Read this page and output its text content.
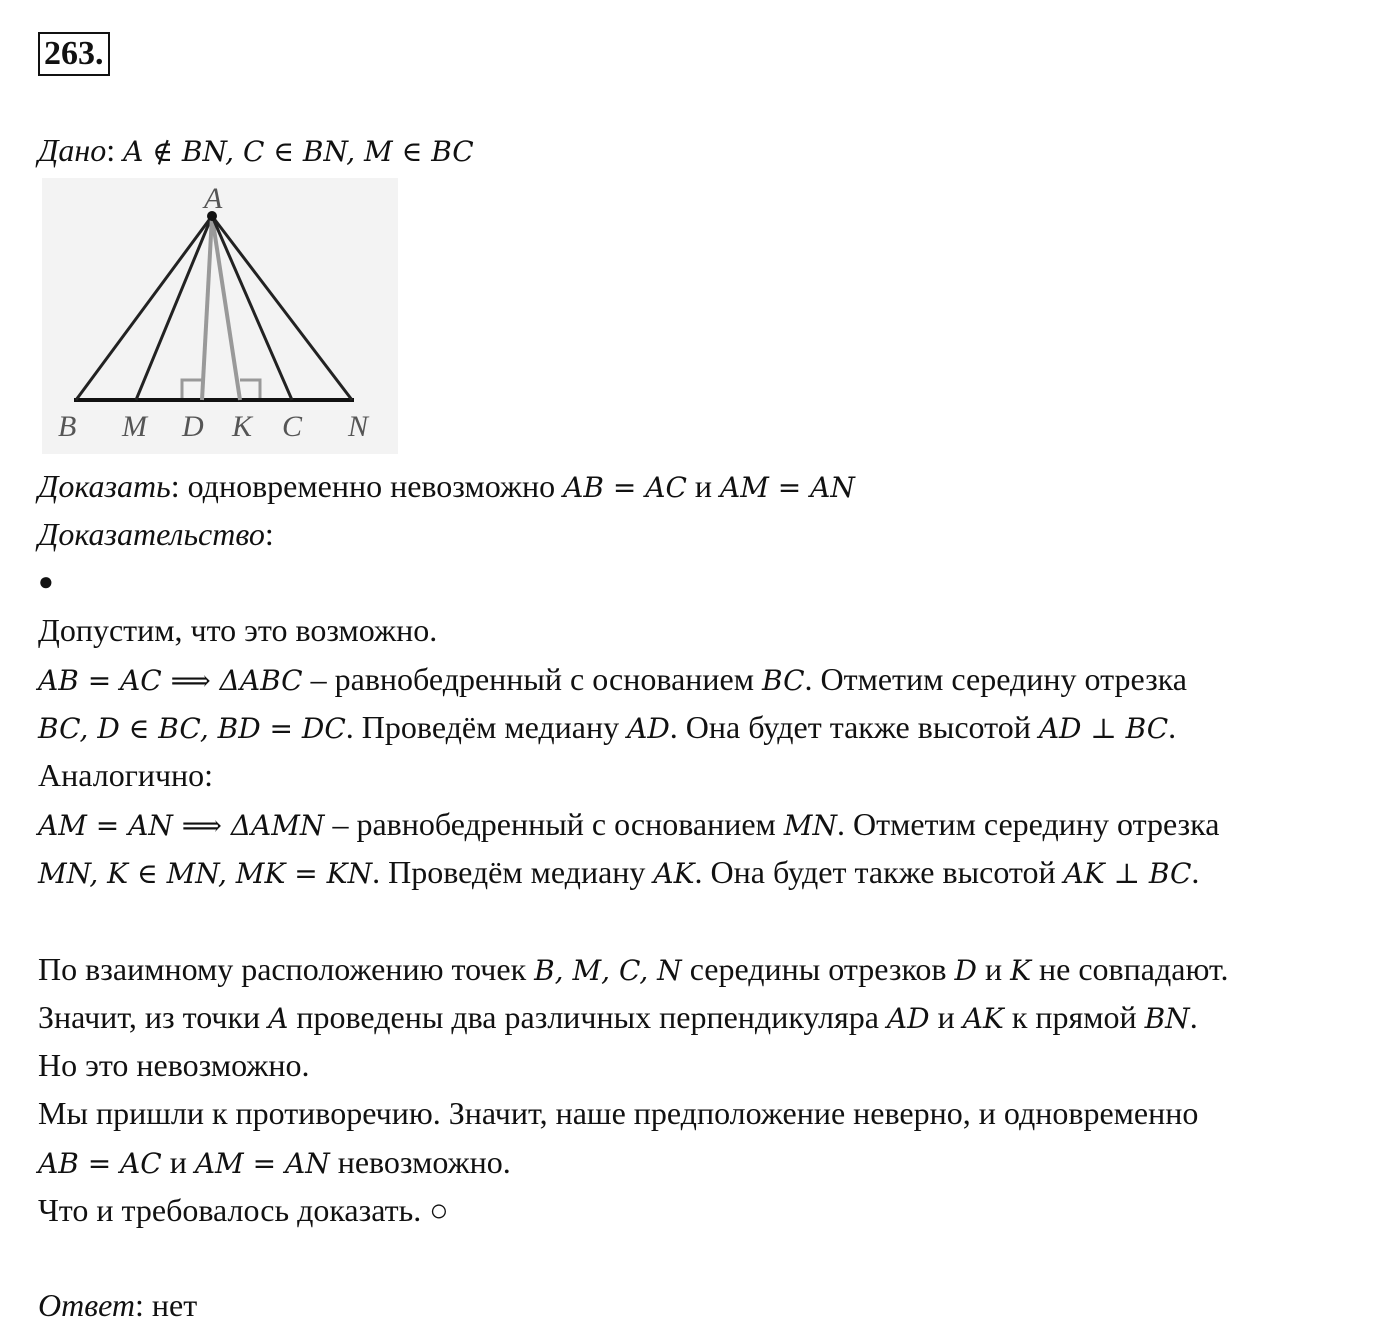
263.
Дано: A ∉ BN, C ∈ BN, M ∈ BC
A
B M D K C N
Доказать: одновременно невозможно AB = AC и AM = AN
Доказательство:
●
Допустим, что это возможно.
AB = AC ⟹ ΔABC – равнобедренный с основанием BC. Отметим середину отрезка
BC, D ∈ BC, BD = DC. Проведём медиану AD. Она будет также высотой AD ⊥ BC.
Аналогично:
AM = AN ⟹ ΔAMN – равнобедренный с основанием MN. Отметим середину отрезка
MN, K ∈ MN, MK = KN. Проведём медиану AK. Она будет также высотой AK ⊥ BC.
По взаимному расположению точек B, M, C, N середины отрезков D и K не совпадают.
Значит, из точки A проведены два различных перпендикуляра AD и AK к прямой BN.
Но это невозможно.
Мы пришли к противоречию. Значит, наше предположение неверно, и одновременно
AB = AC и AM = AN невозможно.
Что и требовалось доказать. ○
Ответ: нет
